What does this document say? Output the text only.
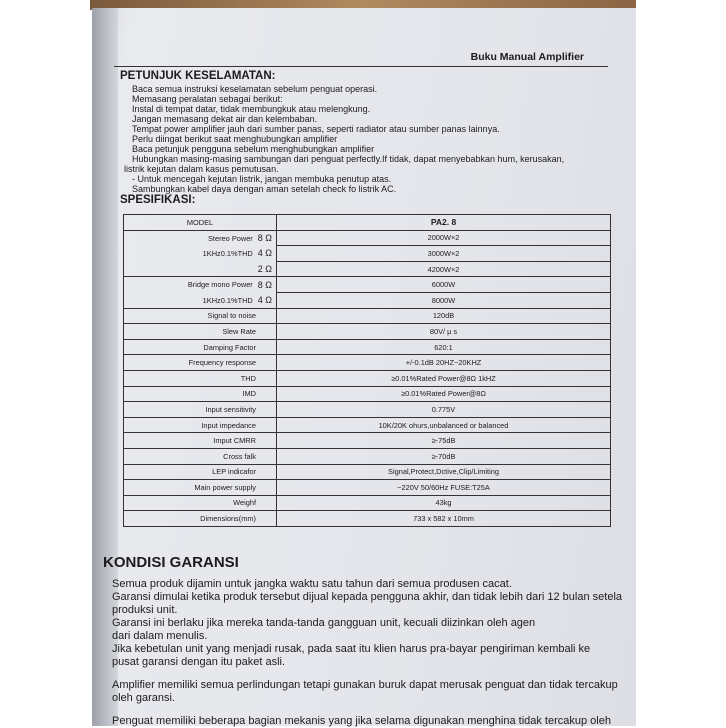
Buku Manual Amplifier
PETUNJUK KESELAMATAN:
Baca semua instruksi keselamatan sebelum penguat operasi.
Memasang peralatan sebagai berikut:
Instal di tempat datar, tidak membungkuk atau melengkung.
Jangan memasang dekat air dan kelembaban.
Tempat power amplifier jauh dari sumber panas, seperti radiator atau sumber panas lainnya.
Perlu diingat berikut saat menghubungkan amplifier
Baca petunjuk pengguna sebelum menghubungkan amplifier
Hubungkan masing-masing sambungan dari penguat perfectly.If tidak, dapat menyebabkan hum, kerusakan,
listrik kejutan dalam kasus pemutusan.
- Untuk mencegah kejutan listrik, jangan membuka penutup atas.
Sambungkan kabel daya dengan aman setelah check fo listrik AC.
SPESIFIKASI:
MODEL	PA2. 8

Stereo Power 8 Ω	2000W×2

1KHz0.1%THD 4 Ω	3000W×2

2 Ω	4200W×2

Bridge mono Power 8 Ω	6000W

1KHz0.1%THD 4 Ω	8000W
Signal to noise	120dB
Slew Rate	80V/ μ s
Damping Factor	620:1
Frequency response	+/-0.1dB 20HZ~20KHZ
THD	≥0.01%Rated Power@8Ω 1kHZ
IMD	≥0.01%Rated Power@8Ω
Input sensitivity	0.775V
Input impedance	10K/20K ohurs,unbalanced or balanced
Imput CMRR	≥-75dB
Cross falk	≥-70dB
LEP indicafor	Signal,Protect,Dctive,Clip/Limiting
Main power supply	~220V 50/60Hz FUSE:T25A
Weighf	43kg
Dimensions(mm)	733 x 582 x 10mm
KONDISI GARANSI
Semua produk dijamin untuk jangka waktu satu tahun dari semua produsen cacat.
Garansi dimulai ketika produk tersebut dijual kepada pengguna akhir, dan tidak lebih dari 12 bulan setela
produksi unit.
Garansi ini berlaku jika mereka tanda-tanda gangguan unit, kecuali diizinkan oleh agen
dari dalam menulis.
Jika kebetulan unit yang menjadi rusak, pada saat itu klien harus pra-bayar pengiriman kembali ke
pusat garansi dengan itu paket asli.
Amplifier memiliki semua perlindungan tetapi gunakan buruk dapat merusak penguat dan tidak tercakup
oleh garansi.
Penguat memiliki beberapa bagian mekanis yang jika selama digunakan menghina tidak tercakup oleh
